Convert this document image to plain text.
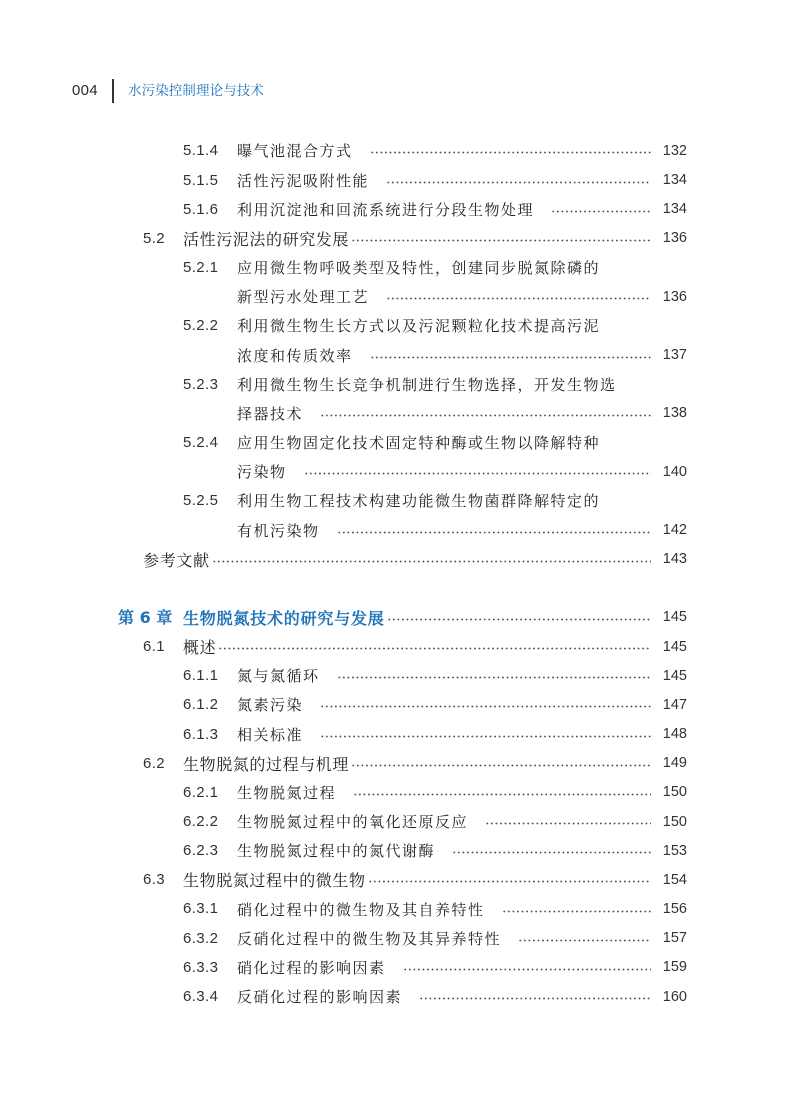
004 水污染控制理论与技术
5.1.4 曝气池混合方式	132
5.1.5 活性污泥吸附性能	134
5.1.6 利用沉淀池和回流系统进行分段生物处理	134
5.2 活性污泥法的研究发展	136
5.2.1 应用微生物呼吸类型及特性，创建同步脱氮除磷的
新型污水处理工艺	136
5.2.2 利用微生物生长方式以及污泥颗粒化技术提高污泥
浓度和传质效率	137
5.2.3 利用微生物生长竞争机制进行生物选择，开发生物选
择器技术	138
5.2.4 应用生物固定化技术固定特种酶或生物以降解特种
污染物	140
5.2.5 利用生物工程技术构建功能微生物菌群降解特定的
有机污染物	142
参考文献	143
第 6 章 生物脱氮技术的研究与发展	145
6.1 概述	145
6.1.1 氮与氮循环	145
6.1.2 氮素污染	147
6.1.3 相关标准	148
6.2 生物脱氮的过程与机理	149
6.2.1 生物脱氮过程	150
6.2.2 生物脱氮过程中的氧化还原反应	150
6.2.3 生物脱氮过程中的氮代谢酶	153
6.3 生物脱氮过程中的微生物	154
6.3.1 硝化过程中的微生物及其自养特性	156
6.3.2 反硝化过程中的微生物及其异养特性	157
6.3.3 硝化过程的影响因素	159
6.3.4 反硝化过程的影响因素	160
